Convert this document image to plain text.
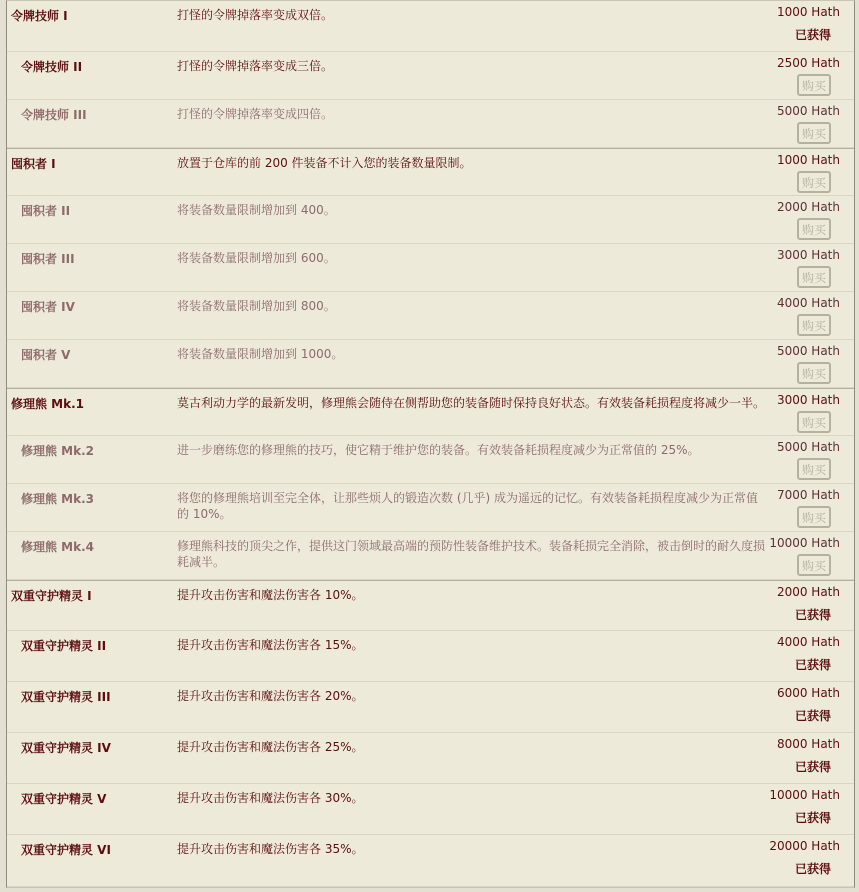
令牌技师 I	打怪的令牌掉落率变成双倍。	1000 Hath
已获得
令牌技师 II	打怪的令牌掉落率变成三倍。	2500 Hath
购买
令牌技师 III	打怪的令牌掉落率变成四倍。	5000 Hath
购买
囤积者 I	放置于仓库的前 200 件装备不计入您的装备数量限制。	1000 Hath
购买
囤积者 II	将装备数量限制增加到 400。	2000 Hath
购买
囤积者 III	将装备数量限制增加到 600。	3000 Hath
购买
囤积者 IV	将装备数量限制增加到 800。	4000 Hath
购买
囤积者 V	将装备数量限制增加到 1000。	5000 Hath
购买
修理熊 Mk.1	莫古利动力学的最新发明，修理熊会随侍在侧帮助您的装备随时保持良好状态。有效装备耗损程度将减少一半。 3000 Hath
购买
修理熊 Mk.2	进一步磨练您的修理熊的技巧，使它精于维护您的装备。有效装备耗损程度减少为正常值的 25%。	5000 Hath
购买
修理熊 Mk.3	将您的修理熊培训至完全体，让那些烦人的锻造次数 (几乎) 成为遥远的记忆。有效装备耗损程度减少为正常值的 10%。
7000 Hath
购买
修理熊 Mk.4	修理熊科技的顶尖之作，提供这门领域最高端的预防性装备维护技术。装备耗损完全消除，被击倒时的耐久度损耗减半。
10000 Hath
购买
双重守护精灵 I	提升攻击伤害和魔法伤害各 10%。	2000 Hath
已获得
双重守护精灵 II	提升攻击伤害和魔法伤害各 15%。	4000 Hath
已获得
双重守护精灵 III	提升攻击伤害和魔法伤害各 20%。	6000 Hath
已获得
双重守护精灵 IV	提升攻击伤害和魔法伤害各 25%。	8000 Hath
已获得
双重守护精灵 V	提升攻击伤害和魔法伤害各 30%。	10000 Hath
已获得
双重守护精灵 VI	提升攻击伤害和魔法伤害各 35%。	20000 Hath
已获得
